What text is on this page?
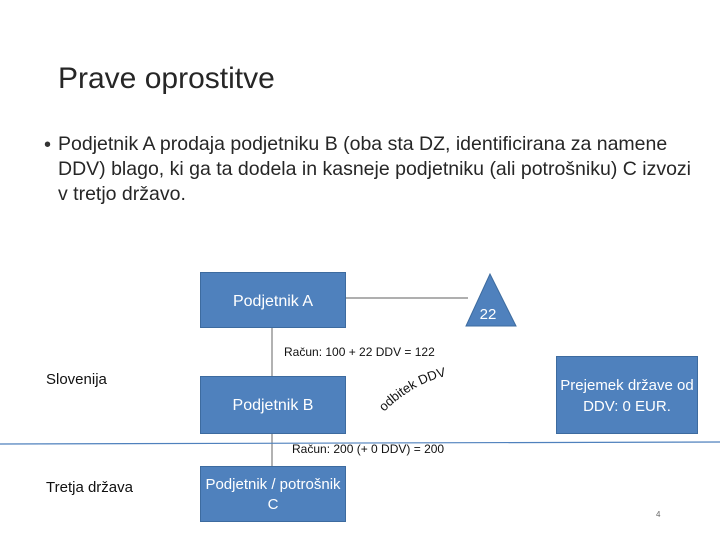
Prave oprostitve
• Podjetnik A prodaja podjetniku B (oba sta DZ, identificirana za namene DDV) blago, ki ga ta dodela in kasneje podjetniku (ali potrošniku) C izvozi v tretjo državo.

odbitek DDV
22
Podjetnik A
Račun: 100 + 22 DDV = 122
Slovenija
Podjetnik B
Prejemek države od DDV: 0 EUR.
Račun: 200 (+ 0 DDV) = 200
Tretja država	Podjetnik / potrošnik C
4
